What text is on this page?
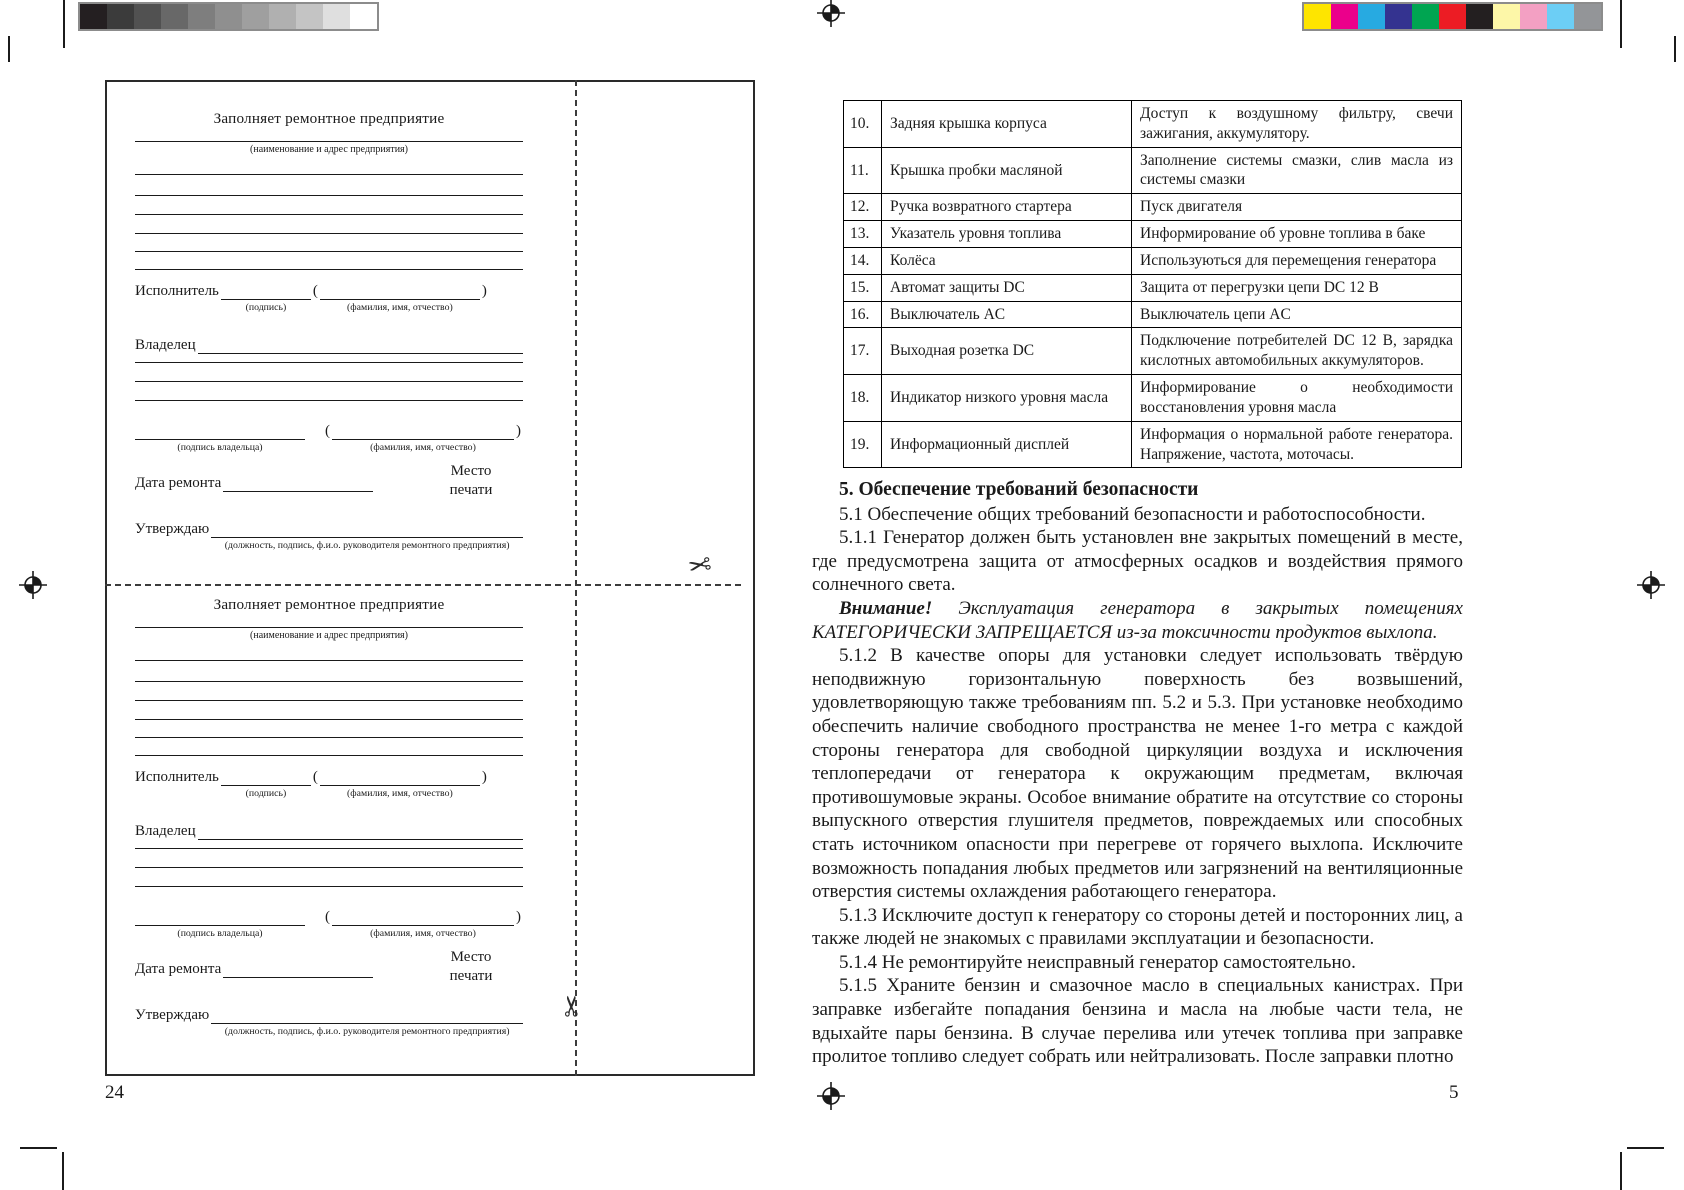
Заполняет ремонтное предприятие
(наименование и адрес предприятия)
Исполнитель
(подпись)
(
(фамилия, имя, отчество)
)
Владелец
(подпись владельца)
(
(фамилия, имя, отчество)
)
Дата ремонта
Место
печати
Утверждаю
(должность, подпись, ф.и.о. руководителя ремонтного предприятия)
Заполняет ремонтное предприятие
(наименование и адрес предприятия)
Исполнитель
(подпись)
(
(фамилия, имя, отчество)
)
Владелец
(подпись владельца)
(
(фамилия, имя, отчество)
)
Дата ремонта
Место
печати
Утверждаю
(должность, подпись, ф.и.о. руководителя ремонтного предприятия)
✂
✂
24
10.	Задняя крышка корпуса	Доступ к воздушному фильтру, свечи зажигания, аккумулятору.
11.	Крышка пробки масляной	Заполнение системы смазки, слив масла из системы смазки
12.	Ручка возвратного стартера	Пуск двигателя
13.	Указатель уровня топлива	Информирование об уровне топлива в баке
14.	Колёса	Используються для перемещения генератора
15.	Автомат защиты DC	Защита от перегрузки цепи DC 12 В
16.	Выключатель AC	Выключатель цепи AC
17.	Выходная розетка DC	Подключение потребителей DC 12 В, зарядка кислотных автомобильных аккумуляторов.
18.	Индикатор низкого уровня масла	Информирование о необходимости восстановления уровня масла
19.	Информационный дисплей	Информация о нормальной работе генератора. Напряжение, частота, моточасы.
5. Обеспечение требований безопасности

5.1 Обеспечение общих требований безопасности и работоспособности.

5.1.1 Генератор должен быть установлен вне закрытых помещений в месте, где предусмотрена защита от атмосферных осадков и воздействия прямого солнечного света.

Внимание! Эксплуатация генератора в закрытых помещениях КАТЕГОРИЧЕСКИ ЗАПРЕЩАЕТСЯ из-за токсичности продуктов выхлопа.

5.1.2 В качестве опоры для установки следует использовать твёрдую неподвижную горизонтальную поверхность без возвышений, удовлетворяющую также требованиям пп. 5.2 и 5.3. При установке необходимо обеспечить наличие свободного пространства не менее 1-го метра с каждой стороны генератора для свободной циркуляции воздуха и исключения теплопередачи от генератора к окружающим предметам, включая противошумовые экраны. Особое внимание обратите на отсутствие со стороны выпускного отверстия глушителя предметов, повреждаемых или способных стать источником опасности при перегреве от горячего выхлопа. Исключите возможность попадания любых предметов или загрязнений на вентиляционные отверстия системы охлаждения работающего генератора.

5.1.3 Исключите доступ к генератору со стороны детей и посторонних лиц, а также людей не знакомых с правилами эксплуатации и безопасности.

5.1.4 Не ремонтируйте неисправный генератор самостоятельно.

5.1.5 Храните бензин и смазочное масло в специальных канистрах. При заправке избегайте попадания бензина и масла на любые части тела, не вдыхайте пары бензина. В случае перелива или утечек топлива при заправке пролитое топливо следует собрать или нейтрализовать. После заправки плотно

5
